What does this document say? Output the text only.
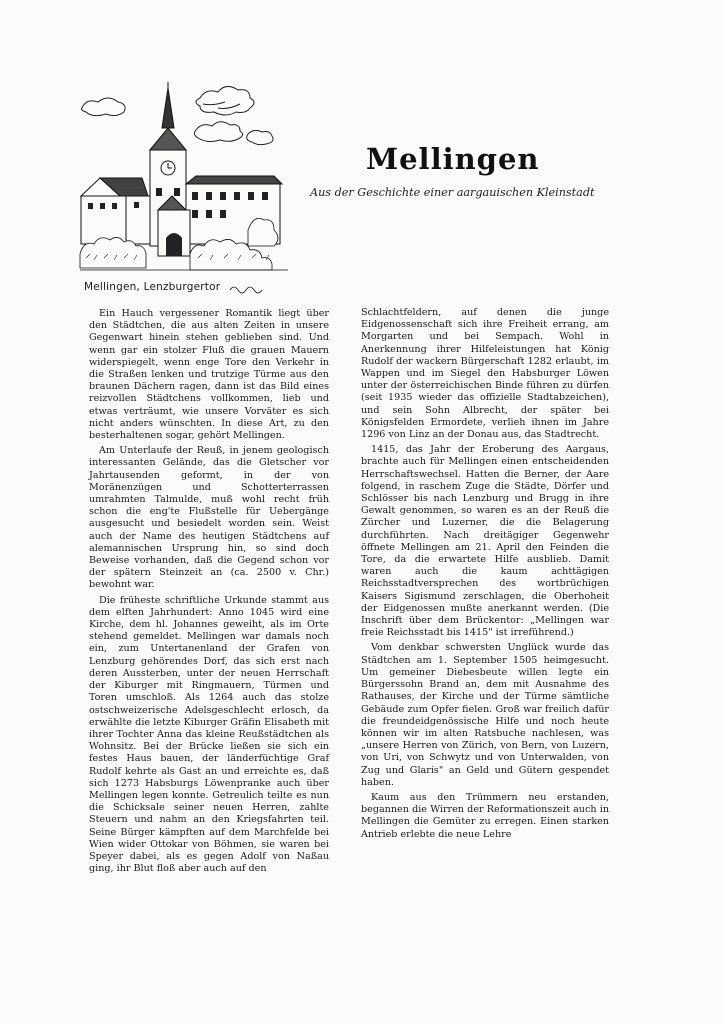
Mellingen, Lenzburgertor
Mellingen
Aus der Geschichte einer aargauischen Kleinstadt

Ein Hauch vergessener Romantik liegt über den Städtchen, die aus alten Zeiten in unsere Gegenwart hinein stehen geblieben sind. Und wenn gar ein stolzer Fluß die grauen Mauern widerspiegelt, wenn enge Tore den Verkehr in die Straßen lenken und trutzige Türme aus den braunen Dächern ragen, dann ist das Bild eines reizvollen Städtchens vollkommen, lieb und etwas verträumt, wie unsere Vorväter es sich nicht anders wünschten. In diese Art, zu den besterhaltenen sogar, gehört Mellingen.

Am Unterlaufe der Reuß, in jenem geologisch interessanten Gelände, das die Gletscher vor Jahrtausenden geformt, in der von Moränenzügen und Schotterterrassen umrahmten Talmulde, muß wohl recht früh schon die eng'te Flußstelle für Uebergänge ausgesucht und besiedelt worden sein. Weist auch der Name des heutigen Städtchens auf alemannischen Ursprung hin, so sind doch Beweise vorhanden, daß die Gegend schon vor der spätern Steinzeit an (ca. 2500 v. Chr.) bewohnt war.

Die früheste schriftliche Urkunde stammt aus dem elften Jahrhundert: Anno 1045 wird eine Kirche, dem hl. Johannes geweiht, als im Orte stehend gemeldet. Mellingen war damals noch ein, zum Untertanenland der Grafen von Lenzburg gehörendes Dorf, das sich erst nach deren Aussterben, unter der neuen Herrschaft der Kiburger mit Ringmauern, Türmen und Toren umschloß. Als 1264 auch das stolze ostschweizerische Adelsgeschlecht erlosch, da erwählte die letzte Kiburger Gräfin Elisabeth mit ihrer Tochter Anna das kleine Reußstädtchen als Wohnsitz. Bei der Brücke ließen sie sich ein festes Haus bauen, der länderfüchtige Graf Rudolf kehrte als Gast an und erreichte es, daß sich 1273 Habsburgs Löwenpranke auch über Mellingen legen konnte. Getreulich teilte es nun die Schicksale seiner neuen Herren, zahlte Steuern und nahm an den Kriegsfahrten teil. Seine Bürger kämpften auf dem Marchfelde bei Wien wider Ottokar von Böhmen, sie waren bei Speyer dabei, als es gegen Adolf von Naßau ging, ihr Blut floß aber auch auf den

Schlachtfeldern, auf denen die junge Eidgenossenschaft sich ihre Freiheit errang, am Morgarten und bei Sempach. Wohl in Anerkennung ihrer Hilfeleistungen hat König Rudolf der wackern Bürgerschaft 1282 erlaubt, im Wappen und im Siegel den Habsburger Löwen unter der österreichischen Binde führen zu dürfen (seit 1935 wieder das offizielle Stadtabzeichen), und sein Sohn Albrecht, der später bei Königsfelden Ermordete, verlieh ihnen im Jahre 1296 von Linz an der Donau aus, das Stadtrecht.

1415, das Jahr der Eroberung des Aargaus, brachte auch für Mellingen einen entscheidenden Herrschaftswechsel. Hatten die Berner, der Aare folgend, in raschem Zuge die Städte, Dörfer und Schlösser bis nach Lenzburg und Brugg in ihre Gewalt genommen, so waren es an der Reuß die Zürcher und Luzerner, die die Belagerung durchführten. Nach dreitägiger Gegenwehr öffnete Mellingen am 21. April den Feinden die Tore, da die erwartete Hilfe ausblieb. Damit waren auch die kaum achttägigen Reichsstadtversprechen des wortbrüchigen Kaisers Sigismund zerschlagen, die Oberhoheit der Eidgenossen mußte anerkannt werden. (Die Inschrift über dem Brückentor: „Mellingen war freie Reichsstadt bis 1415" ist irreführend.)

Vom denkbar schwersten Unglück wurde das Städtchen am 1. September 1505 heimgesucht. Um gemeiner Diebesbeute willen legte ein Bürgerssohn Brand an, dem mit Ausnahme des Rathauses, der Kirche und der Türme sämtliche Gebäude zum Opfer fielen. Groß war freilich dafür die freundeidgenössische Hilfe und noch heute können wir im alten Ratsbuche nachlesen, was „unsere Herren von Zürich, von Bern, von Luzern, von Uri, von Schwytz und von Unterwalden, von Zug und Glaris" an Geld und Gütern gespendet haben.

Kaum aus den Trümmern neu erstanden, begannen die Wirren der Reformationszeit auch in Mellingen die Gemüter zu erregen. Einen starken Antrieb erlebte die neue Lehre
